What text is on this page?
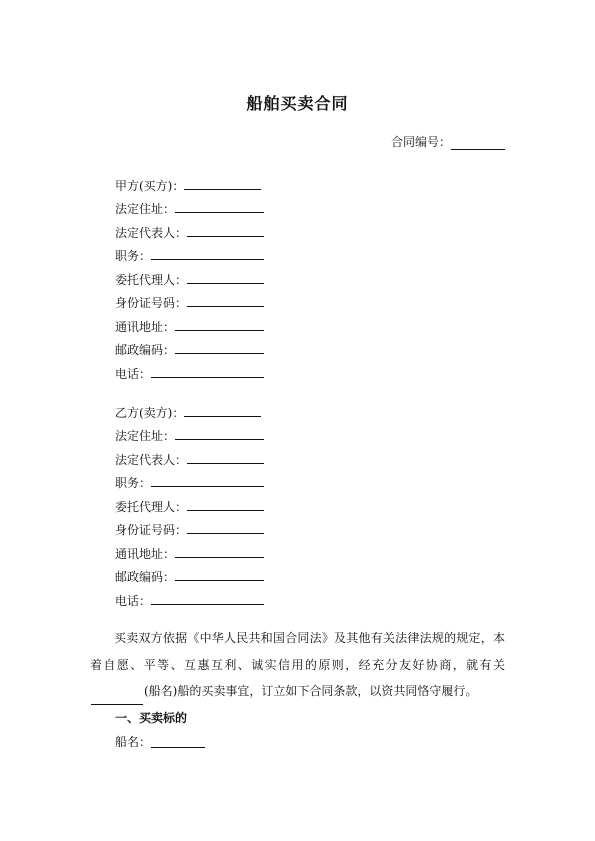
船舶买卖合同
合同编号：
甲方(买方)：
法定住址：
法定代表人：
职务：
委托代理人：
身份证号码：
通讯地址：
邮政编码：
电话：
乙方(卖方)：
法定住址：
法定代表人：
职务：
委托代理人：
身份证号码：
通讯地址：
邮政编码：
电话：
买卖双方依据《中华人民共和国合同法》及其他有关法律法规的规定，本着自愿、平等、互惠互利、诚实信用的原则，经充分友好协商，就有关(船名)船的买卖事宜，订立如下合同条款，以资共同恪守履行。
一、买卖标的
船名：
